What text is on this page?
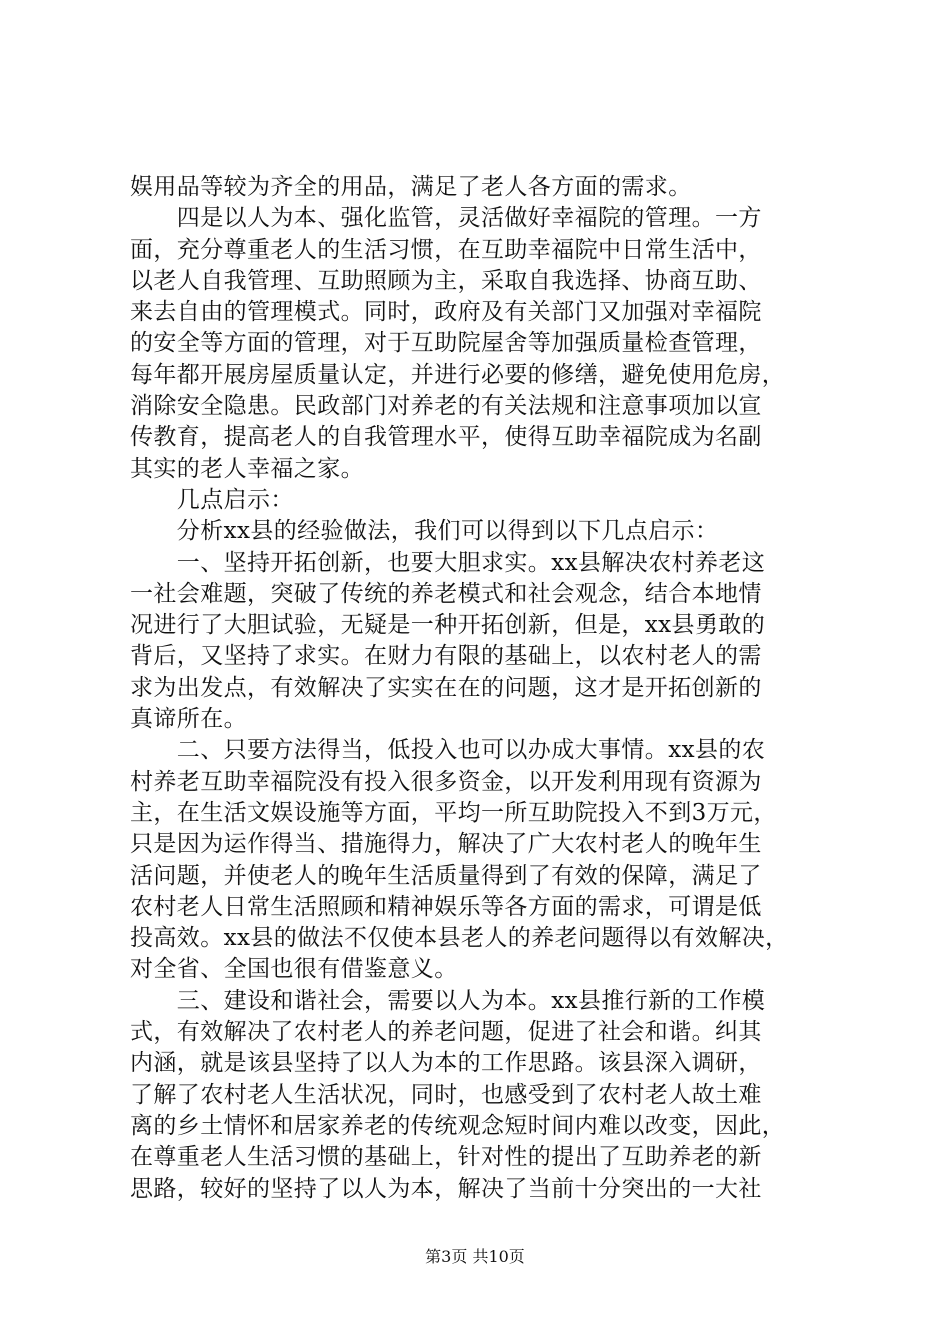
娱用品等较为齐全的用品，满足了老人各方面的需求。
　　四是以人为本、强化监管，灵活做好幸福院的管理。一方
面，充分尊重老人的生活习惯，在互助幸福院中日常生活中，
以老人自我管理、互助照顾为主，采取自我选择、协商互助、
来去自由的管理模式。同时，政府及有关部门又加强对幸福院
的安全等方面的管理，对于互助院屋舍等加强质量检查管理，
每年都开展房屋质量认定，并进行必要的修缮，避免使用危房，
消除安全隐患。民政部门对养老的有关法规和注意事项加以宣
传教育，提高老人的自我管理水平，使得互助幸福院成为名副
其实的老人幸福之家。
　　几点启示：
　　分析xx县的经验做法，我们可以得到以下几点启示：
　　一、坚持开拓创新，也要大胆求实。xx县解决农村养老这
一社会难题，突破了传统的养老模式和社会观念，结合本地情
况进行了大胆试验，无疑是一种开拓创新，但是，xx县勇敢的
背后，又坚持了求实。在财力有限的基础上，以农村老人的需
求为出发点，有效解决了实实在在的问题，这才是开拓创新的
真谛所在。
　　二、只要方法得当，低投入也可以办成大事情。xx县的农
村养老互助幸福院没有投入很多资金，以开发利用现有资源为
主，在生活文娱设施等方面，平均一所互助院投入不到3万元，
只是因为运作得当、措施得力，解决了广大农村老人的晚年生
活问题，并使老人的晚年生活质量得到了有效的保障，满足了
农村老人日常生活照顾和精神娱乐等各方面的需求，可谓是低
投高效。xx县的做法不仅使本县老人的养老问题得以有效解决，
对全省、全国也很有借鉴意义。
　　三、建设和谐社会，需要以人为本。xx县推行新的工作模
式，有效解决了农村老人的养老问题，促进了社会和谐。纠其
内涵，就是该县坚持了以人为本的工作思路。该县深入调研，
了解了农村老人生活状况，同时，也感受到了农村老人故土难
离的乡土情怀和居家养老的传统观念短时间内难以改变，因此，
在尊重老人生活习惯的基础上，针对性的提出了互助养老的新
思路，较好的坚持了以人为本，解决了当前十分突出的一大社
第3页 共10页
